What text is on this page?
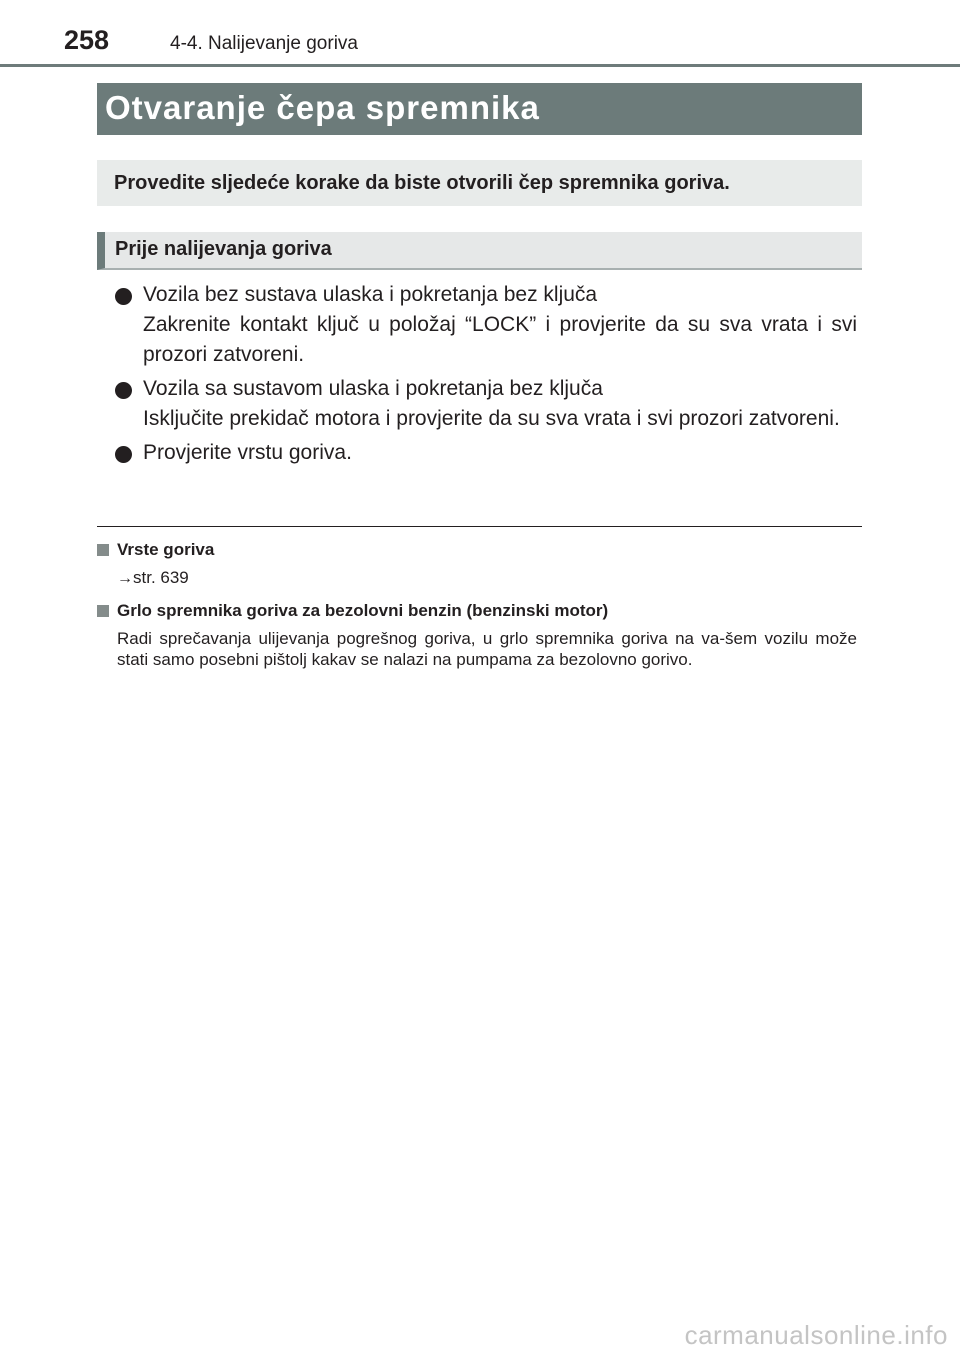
258	4-4. Nalijevanje goriva
Otvaranje čepa spremnika
Provedite sljedeće korake da biste otvorili čep spremnika goriva.
Prije nalijevanja goriva
Vozila bez sustava ulaska i pokretanja bez ključa
Zakrenite kontakt ključ u položaj “LOCK” i provjerite da su sva vrata i svi prozori zatvoreni.
Vozila sa sustavom ulaska i pokretanja bez ključa
Isključite prekidač motora i provjerite da su sva vrata i svi prozori zatvoreni.
Provjerite vrstu goriva.
Vrste goriva
→str. 639
Grlo spremnika goriva za bezolovni benzin (benzinski motor)
Radi sprečavanja ulijevanja pogrešnog goriva, u grlo spremnika goriva na va-šem vozilu može stati samo posebni pištolj kakav se nalazi na pumpama za bezolovno gorivo.
carmanualsonline.info
